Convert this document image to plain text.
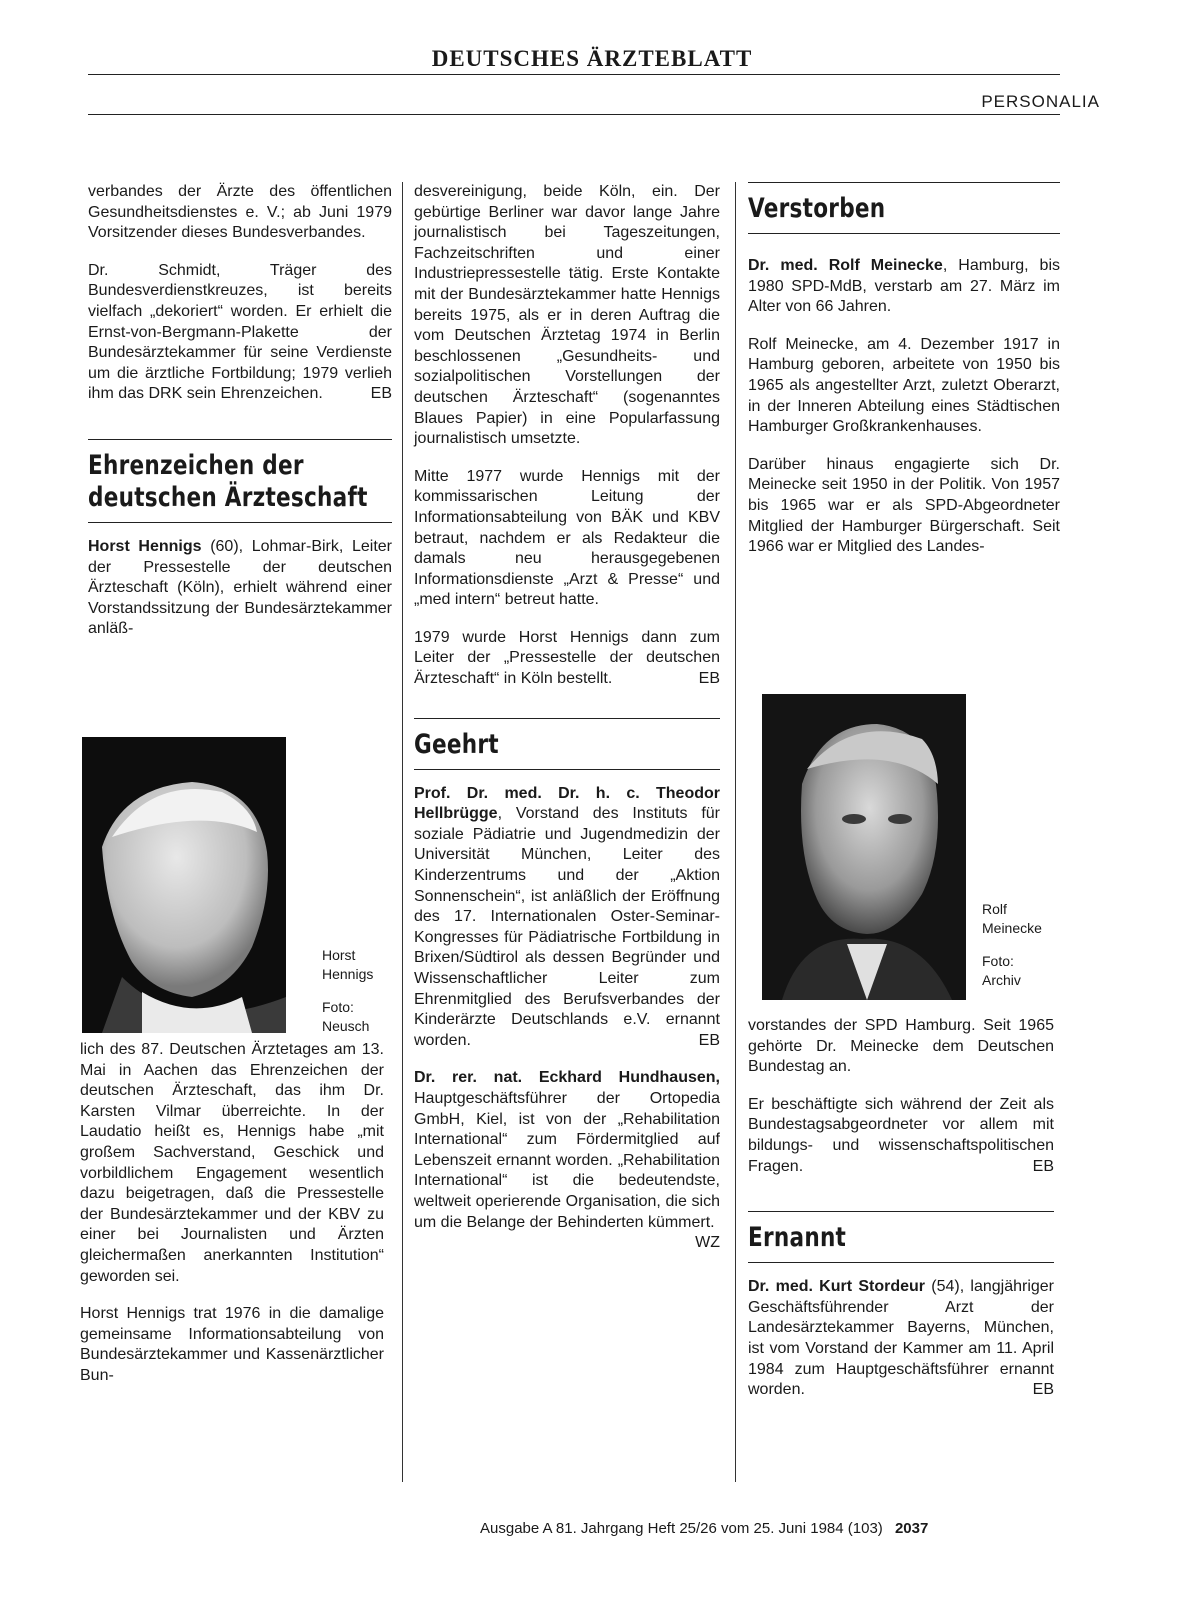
DEUTSCHES ÄRZTEBLATT
PERSONALIA

verbandes der Ärzte des öffentlichen Gesundheitsdienstes e. V.; ab Juni 1979 Vorsitzender dieses Bundesverbandes.

Dr. Schmidt, Träger des Bundesverdienstkreuzes, ist bereits vielfach „dekoriert“ worden. Er erhielt die Ernst-von-Bergmann-Plakette der Bundesärztekammer für seine Verdienste um die ärztliche Fortbildung; 1979 verlieh ihm das DRK sein Ehrenzeichen.	EB

Ehrenzeichen der
deutschen Ärzteschaft

Horst Hennigs (60), Lohmar-Birk, Leiter der Pressestelle der deutschen Ärzteschaft (Köln), erhielt während einer Vorstandssitzung der Bundesärztekammer anläß-

Horst
Hennigs
Foto:
Neusch

lich des 87. Deutschen Ärztetages am 13. Mai in Aachen das Ehrenzeichen der deutschen Ärzteschaft, das ihm Dr. Karsten Vilmar überreichte. In der Laudatio heißt es, Hennigs habe „mit großem Sachverstand, Geschick und vorbildlichem Engagement wesentlich dazu beigetragen, daß die Pressestelle der Bundesärztekammer und der KBV zu einer bei Journalisten und Ärzten gleichermaßen anerkannten Institution“ geworden sei.

Horst Hennigs trat 1976 in die damalige gemeinsame Informationsabteilung von Bundesärztekammer und Kassenärztlicher Bun-

desvereinigung, beide Köln, ein. Der gebürtige Berliner war davor lange Jahre journalistisch bei Tageszeitungen, Fachzeitschriften und einer Industriepressestelle tätig. Erste Kontakte mit der Bundesärztekammer hatte Hennigs bereits 1975, als er in deren Auftrag die vom Deutschen Ärztetag 1974 in Berlin beschlossenen „Gesundheits- und sozialpolitischen Vorstellungen der deutschen Ärzteschaft“ (sogenanntes Blaues Papier) in eine Popularfassung journalistisch umsetzte.

Mitte 1977 wurde Hennigs mit der kommissarischen Leitung der Informationsabteilung von BÄK und KBV betraut, nachdem er als Redakteur die damals neu herausgegebenen Informationsdienste „Arzt & Presse“ und „med intern“ betreut hatte.

1979 wurde Horst Hennigs dann zum Leiter der „Pressestelle der deutschen Ärzteschaft“ in Köln bestellt.	EB

Geehrt

Prof. Dr. med. Dr. h. c. Theodor Hellbrügge, Vorstand des Instituts für soziale Pädiatrie und Jugendmedizin der Universität München, Leiter des Kinderzentrums und der „Aktion Sonnenschein“, ist anläßlich der Eröffnung des 17. Internationalen Oster-Seminar-Kongresses für Pädiatrische Fortbildung in Brixen/Südtirol als dessen Begründer und Wissenschaftlicher Leiter zum Ehrenmitglied des Berufsverbandes der Kinderärzte Deutschlands e.V. ernannt worden.	EB

Dr. rer. nat. Eckhard Hundhausen, Hauptgeschäftsführer der Ortopedia GmbH, Kiel, ist von der „Rehabilitation International“ zum Fördermitglied auf Lebenszeit ernannt worden. „Rehabilitation International“ ist die bedeutendste, weltweit operierende Organisation, die sich um die Belange der Behinderten kümmert.
WZ

Verstorben

Dr. med. Rolf Meinecke, Hamburg, bis 1980 SPD-MdB, verstarb am 27. März im Alter von 66 Jahren.

Rolf Meinecke, am 4. Dezember 1917 in Hamburg geboren, arbeitete von 1950 bis 1965 als angestellter Arzt, zuletzt Oberarzt, in der Inneren Abteilung eines Städtischen Hamburger Großkrankenhauses.

Darüber hinaus engagierte sich Dr. Meinecke seit 1950 in der Politik. Von 1957 bis 1965 war er als SPD-Abgeordneter Mitglied der Hamburger Bürgerschaft. Seit 1966 war er Mitglied des Landes-

Rolf
Meinecke
Foto:
Archiv

vorstandes der SPD Hamburg. Seit 1965 gehörte Dr. Meinecke dem Deutschen Bundestag an.

Er beschäftigte sich während der Zeit als Bundestagsabgeordneter vor allem mit bildungs- und wissenschaftspolitischen Fragen.	EB

Ernannt

Dr. med. Kurt Stordeur (54), langjähriger Geschäftsführender Arzt der Landesärztekammer Bayerns, München, ist vom Vorstand der Kammer am 11. April 1984 zum Hauptgeschäftsführer ernannt worden.	EB

Ausgabe A 81. Jahrgang Heft 25/26 vom 25. Juni 1984 (103) 2037
